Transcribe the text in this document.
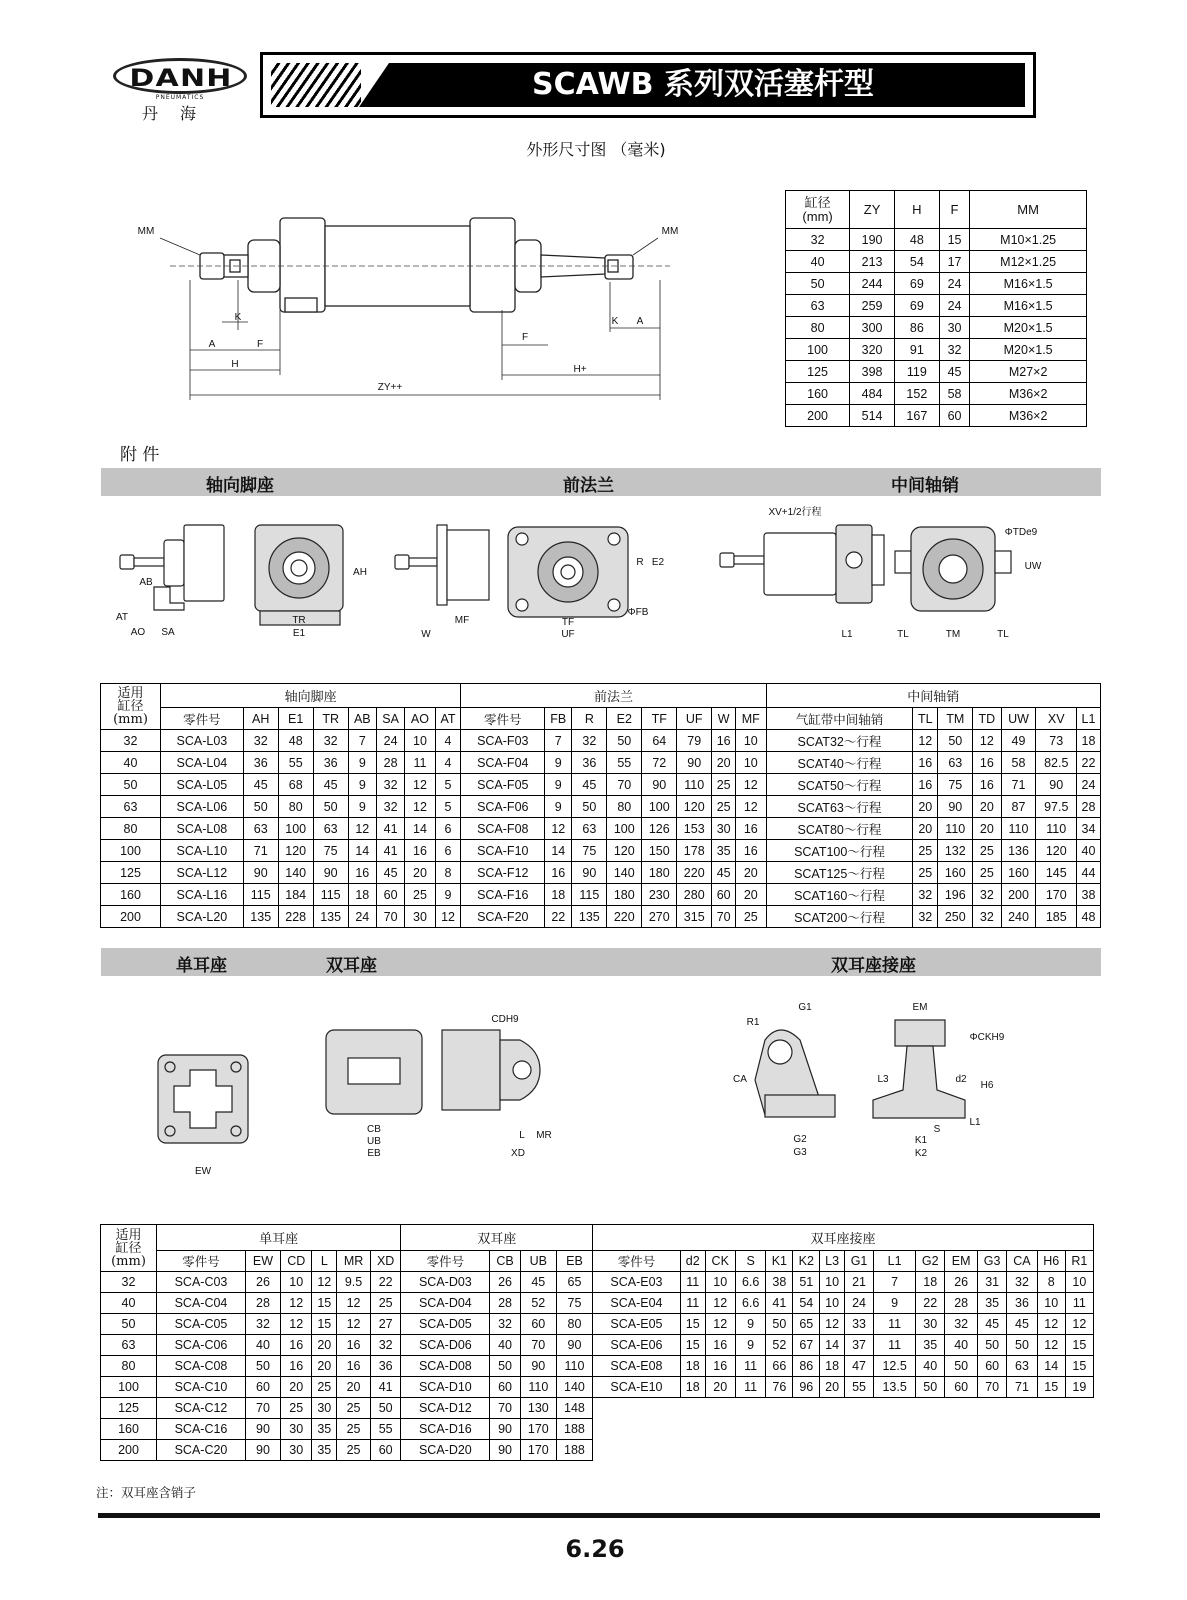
DANH
PNEUMATICS
丹海
SCAWB 系列双活塞杆型
外形尺寸图 （毫米)
MM	MM
K
A	F
H
ZY++
F
H+
K A
缸径
(mm)	ZY	H	F	MM
32	190	48	15	M10×1.25
40	213	54	17	M12×1.25
50	244	69	24	M16×1.5
63	259	69	24	M16×1.5
80	300	86	30	M20×1.5
100	320	91	32	M20×1.5
125	398	119	45	M27×2
160	484	152	58	M36×2
200	514	167	60	M36×2
附 件
轴向脚座	前法兰	中间轴销
AB
AT
AO SA
TR
E1
AH
W
MF	TF
UF
R E2
ΦFB
XV+1/2行程
ΦTDe9
UW
L1	TL	TM	TL
适用
缸径
(mm)	轴向脚座								前法兰								中间轴销						
	零件号	AH	E1	TR	AB	SA	AO	AT	零件号	FB	R	E2	TF	UF	W	MF	气缸带中间轴销	TL	TM	TD	UW	XV	L1
32	SCA-L03	32	48	32	7	24	10	4	SCA-F03	7	32	50	64	79	16	10	SCAT32～行程	12	50	12	49	73	18
40	SCA-L04	36	55	36	9	28	11	4	SCA-F04	9	36	55	72	90	20	10	SCAT40～行程	16	63	16	58	82.5	22
50	SCA-L05	45	68	45	9	32	12	5	SCA-F05	9	45	70	90	110	25	12	SCAT50～行程	16	75	16	71	90	24
63	SCA-L06	50	80	50	9	32	12	5	SCA-F06	9	50	80	100	120	25	12	SCAT63～行程	20	90	20	87	97.5	28
80	SCA-L08	63	100	63	12	41	14	6	SCA-F08	12	63	100	126	153	30	16	SCAT80～行程	20	110	20	110	110	34
100	SCA-L10	71	120	75	14	41	16	6	SCA-F10	14	75	120	150	178	35	16	SCAT100～行程	25	132	25	136	120	40
125	SCA-L12	90	140	90	16	45	20	8	SCA-F12	16	90	140	180	220	45	20	SCAT125～行程	25	160	25	160	145	44
160	SCA-L16	115	184	115	18	60	25	9	SCA-F16	18	115	180	230	280	60	20	SCAT160～行程	32	196	32	200	170	38
200	SCA-L20	135	228	135	24	70	30	12	SCA-F20	22	135	220	270	315	70	25	SCAT200～行程	32	250	32	240	185	48
单耳座	双耳座	双耳座接座
EW
CB
UB
EB
CDH9
L MR
XD
R1
G1
CA
G2
G3
EM
ΦCKH9
L3	d2
H6
S
L1
K1
K2
适用
缸径
(mm)	单耳座						双耳座				双耳座接座														
	零件号	EW	CD	L	MR	XD	零件号	CB	UB	EB	零件号	d2	CK	S	K1	K2	L3	G1	L1	G2	EM	G3	CA	H6	R1
32	SCA-C03	26	10	12	9.5	22	SCA-D03	26	45	65	SCA-E03	11	10	6.6	38	51	10	21	7	18	26	31	32	8	10
40	SCA-C04	28	12	15	12	25	SCA-D04	28	52	75	SCA-E04	11	12	6.6	41	54	10	24	9	22	28	35	36	10	11
50	SCA-C05	32	12	15	12	27	SCA-D05	32	60	80	SCA-E05	15	12	9	50	65	12	33	11	30	32	45	45	12	12
63	SCA-C06	40	16	20	16	32	SCA-D06	40	70	90	SCA-E06	15	16	9	52	67	14	37	11	35	40	50	50	12	15
80	SCA-C08	50	16	20	16	36	SCA-D08	50	90	110	SCA-E08	18	16	11	66	86	18	47	12.5	40	50	60	63	14	15
100	SCA-C10	60	20	25	20	41	SCA-D10	60	110	140	SCA-E10	18	20	11	76	96	20	55	13.5	50	60	70	71	15	19
125	SCA-C12	70	25	30	25	50	SCA-D12	70	130	148															
160	SCA-C16	90	30	35	25	55	SCA-D16	90	170	188															
200	SCA-C20	90	30	35	25	60	SCA-D20	90	170	188															
注：双耳座含销子
6.26
